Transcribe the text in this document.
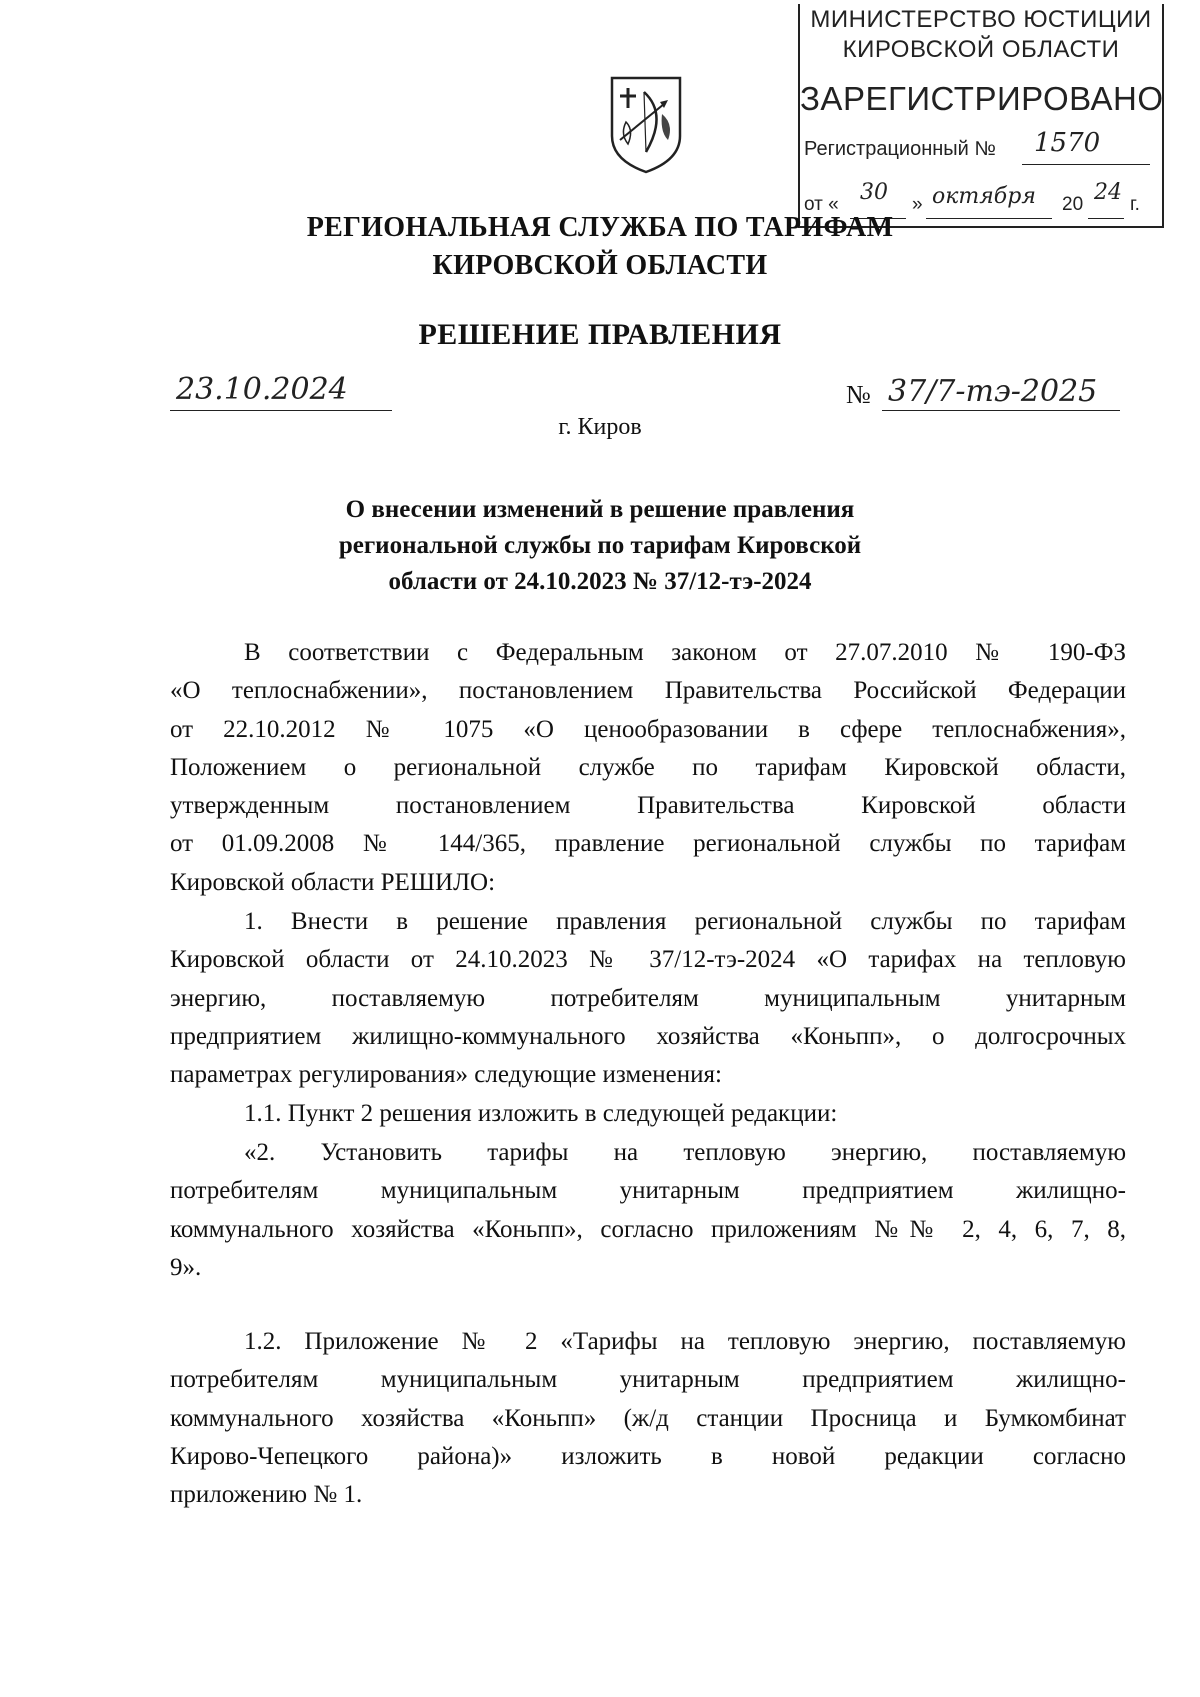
МИНИСТЕРСТВО ЮСТИЦИИ
КИРОВСКОЙ ОБЛАСТИ
ЗАРЕГИСТРИРОВАНО
Регистрационный № 1570
от « 30 » октября 20 24 г.
РЕГИОНАЛЬНАЯ СЛУЖБА ПО ТАРИФАМ
КИРОВСКОЙ ОБЛАСТИ
РЕШЕНИЕ ПРАВЛЕНИЯ
23.10.2024	№ 37/7-тэ-2025
г. Киров
О внесении изменений в решение правления
региональной службы по тарифам Кировской
области от 24.10.2023 № 37/12-тэ-2024
В соответствии с Федеральным законом от 27.07.2010 № 190-ФЗ
«О теплоснабжении», постановлением Правительства Российской Федерации
от 22.10.2012 № 1075 «О ценообразовании в сфере теплоснабжения»,
Положением о региональной службе по тарифам Кировской области,
утвержденным постановлением Правительства Кировской области
от 01.09.2008 № 144/365, правление региональной службы по тарифам
Кировской области РЕШИЛО:
1. Внести в решение правления региональной службы по тарифам
Кировской области от 24.10.2023 № 37/12-тэ-2024 «О тарифах на тепловую
энергию, поставляемую потребителям муниципальным унитарным
предприятием жилищно-коммунального хозяйства «Коньпп», о долгосрочных
параметрах регулирования» следующие изменения:
1.1. Пункт 2 решения изложить в следующей редакции:
«2. Установить тарифы на тепловую энергию, поставляемую
потребителям муниципальным унитарным предприятием жилищно-
коммунального хозяйства «Коньпп», согласно приложениям №№ 2, 4, 6, 7, 8,
9».
1.2. Приложение № 2 «Тарифы на тепловую энергию, поставляемую
потребителям муниципальным унитарным предприятием жилищно-
коммунального хозяйства «Коньпп» (ж/д станции Просница и Бумкомбинат
Кирово-Чепецкого района)» изложить в новой редакции согласно
приложению № 1.
